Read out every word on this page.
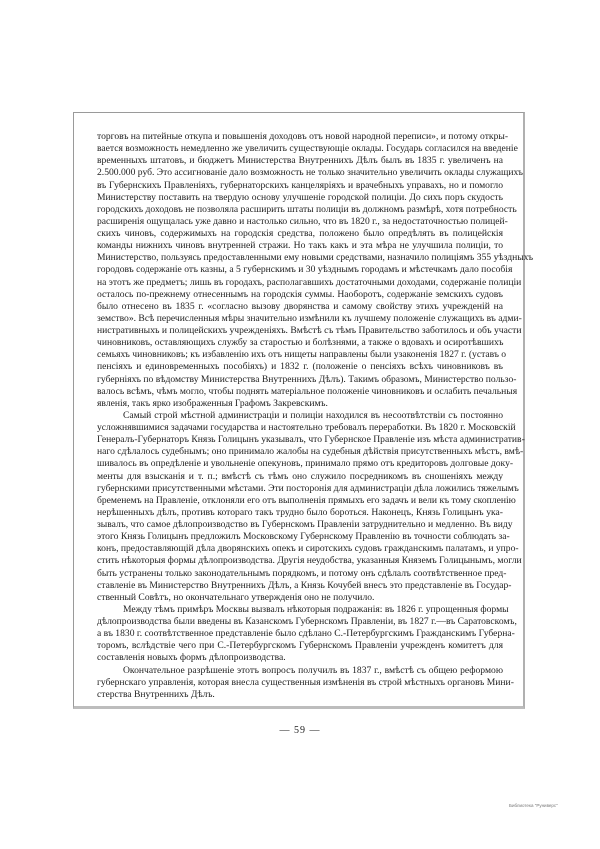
торговъ на питейные откупа и повышенія доходовъ отъ новой народной переписи», и потому откры-
вается возможность немедленно же увеличить существующіе оклады. Государь согласился на введеніе
временныхъ штатовъ, и бюджетъ Министерства Внутреннихъ Дѣлъ былъ въ 1835 г. увеличенъ на
2.500.000 руб. Это ассигнованіе дало возможность не только значительно увеличить оклады служащихъ
въ Губернскихъ Правленіяхъ, губернаторскихъ канцеляріяхъ и врачебныхъ управахъ, но и помогло
Министерству поставить на твердую основу улучшеніе городской полиціи. До сихъ поръ скудость
городскихъ доходовъ не позволяла расширить штаты полиціи въ должномъ размѣрѣ, хотя потребность
расширенія ощущалась уже давно и настолько сильно, что въ 1820 г., за недостаточностью полицей-
скихъ чиновъ, содержимыхъ на городскія средства, положено было опредѣлять въ полицейскія
команды нижнихъ чиновъ внутренней стражи. Но такъ какъ и эта мѣра не улучшила полиціи, то
Министерство, пользуясь предоставленными ему новыми средствами, назначило полиціямъ 355 уѣздныхъ
городовъ содержаніе отъ казны, а 5 губернскимъ и 30 уѣзднымъ городамъ и мѣстечкамъ дало пособія
на этотъ же предметъ; лишь въ городахъ, располагавшихъ достаточными доходами, содержаніе полиціи
осталось по-прежнему отнесеннымъ на городскія суммы. Наоборотъ, содержаніе земскихъ судовъ
было отнесено въ 1835 г. «согласно вызову дворянства и самому свойству этихъ учрежденій на
земство». Всѣ перечисленныя мѣры значительно измѣнили къ лучшему положеніе служащихъ въ адми-
нистративныхъ и полицейскихъ учрежденіяхъ. Вмѣстѣ съ тѣмъ Правительство заботилось и объ участи
чиновниковъ, оставляющихъ службу за старостью и болѣзнями, а также о вдовахъ и осиротѣвшихъ
семьяхъ чиновниковъ; къ избавленію ихъ отъ нищеты направлены были узаконенія 1827 г. (уставъ о
пенсіяхъ и единовременныхъ пособіяхъ) и 1832 г. (положеніе о пенсіяхъ всѣхъ чиновниковъ въ
губерніяхъ по вѣдомству Министерства Внутреннихъ Дѣлъ). Такимъ образомъ, Министерство пользо-
валось всѣмъ, чѣмъ могло, чтобы поднять матеріальное положеніе чиновниковъ и ослабить печальныя
явленія, такъ ярко изображенныя Графомъ Закревскимъ.
Самый строй мѣстной администраціи и полиціи находился въ несоотвѣтствіи съ постоянно
усложнявшимися задачами государства и настоятельно требовалъ переработки. Въ 1820 г. Московскій
Генералъ-Губернаторъ Князь Голицынъ указывалъ, что Губернское Правленіе изъ мѣста административ-
наго сдѣлалось судебнымъ; оно принимало жалобы на судебныя дѣйствія присутственныхъ мѣстъ, вмѣ-
шивалось въ опредѣленіе и увольненіе опекуновъ, принимало прямо отъ кредиторовъ долговые доку-
менты для взысканія и т. п.; вмѣстѣ съ тѣмъ оно служило посредникомъ въ сношеніяхъ между
губернскими присутственными мѣстами. Эти посторонія для администраціи дѣла ложились тяжелымъ
бременемъ на Правленіе, отклоняли его отъ выполненія прямыхъ его задачъ и вели къ тому скопленію
нерѣшенныхъ дѣлъ, противъ котораго такъ трудно было бороться. Наконецъ, Князь Голицынъ ука-
зывалъ, что самое дѣлопроизводство въ Губернскомъ Правленіи затруднительно и медленно. Въ виду
этого Князь Голицынъ предложилъ Московскому Губернскому Правленію въ точности соблюдать за-
конъ, предоставляющій дѣла дворянскихъ опекъ и сиротскихъ судовъ гражданскимъ палатамъ, и упро-
стить нѣкоторыя формы дѣлопроизводства. Другія неудобства, указанныя Княземъ Голицынымъ, могли
быть устранены только законодательнымъ порядкомъ, и потому онъ сдѣлалъ соотвѣтственное пред-
ставленіе въ Министерство Внутреннихъ Дѣлъ, а Князь Кочубей внесъ это представленіе въ Государ-
ственный Совѣтъ, но окончательнаго утвержденія оно не получило.
Между тѣмъ примѣръ Москвы вызвалъ нѣкоторыя подражанія: въ 1826 г. упрощенныя формы
дѣлопроизводства были введены въ Казанскомъ Губернскомъ Правленіи, въ 1827 г.—въ Саратовскомъ,
а въ 1830 г. соотвѣтственное представленіе было сдѣлано С.-Петербургскимъ Гражданскимъ Губерна-
торомъ, вслѣдствіе чего при С.-Петербургскомъ Губернскомъ Правленіи учрежденъ комитетъ для
составленія новыхъ формъ дѣлопроизводства.
Окончательное разрѣшеніе этотъ вопросъ получилъ въ 1837 г., вмѣстѣ съ общею реформою
губернскаго управленія, которая внесла существенныя измѣненія въ строй мѣстныхъ органовъ Мини-
стерства Внутреннихъ Дѣлъ.
— 59 —
Библиотека "Руниверс"
